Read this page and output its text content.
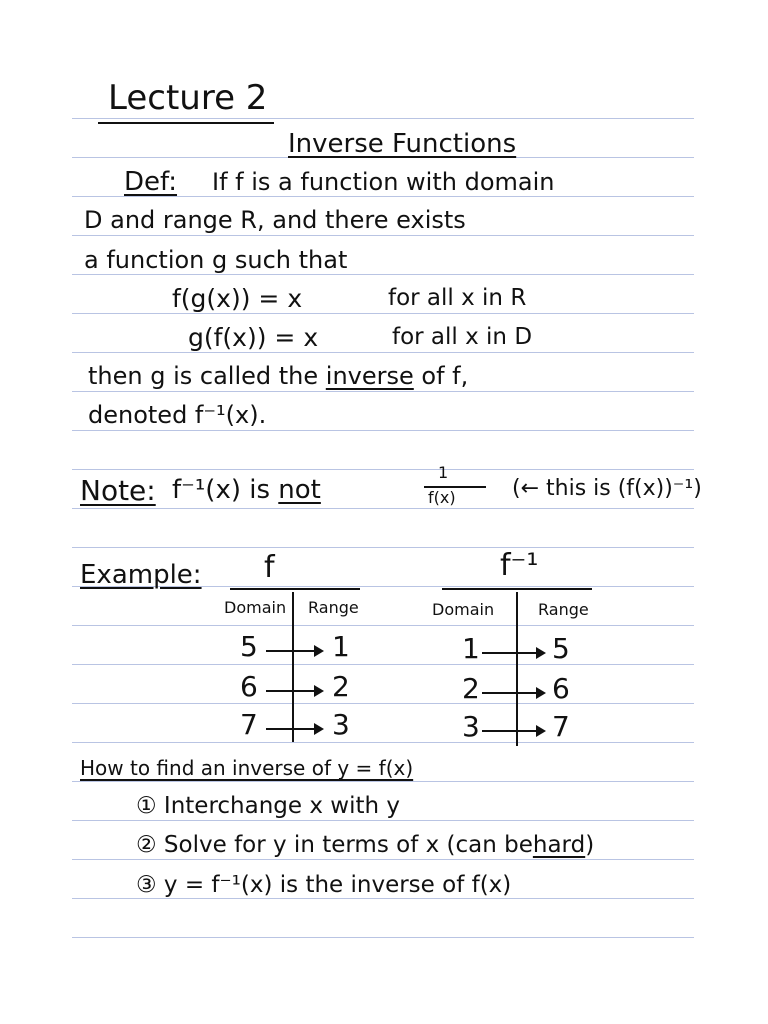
Lecture 2
Inverse Functions
Def: If f is a function with domain
D and range R, and there exists
a function g such that
f(g(x)) = x	for all x in R
g(f(x)) = x	for all x in D
then g is called the inverse of f,
denoted f⁻¹(x).
Note: f⁻¹(x) is not
1
f(x)	(← this is (f(x))⁻¹)
Example: f
Domain Range
5	1
6	2
7	3
f⁻¹
Domain	Range
1	5
2	6
3	7
How to find an inverse of y = f(x)
① Interchange x with y
② Solve for y in terms of x (can behard)
③ y = f⁻¹(x) is the inverse of f(x)
